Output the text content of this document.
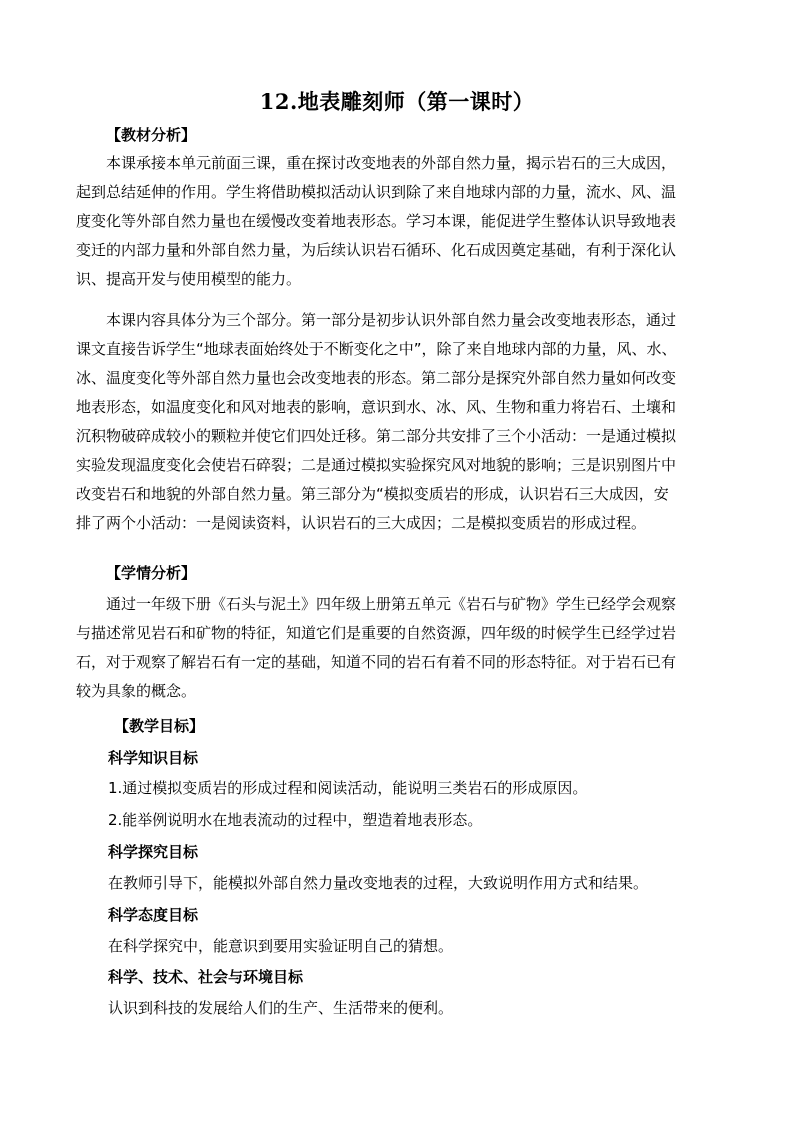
12.地表雕刻师（第一课时）
【教材分析】
本课承接本单元前面三课，重在探讨改变地表的外部自然力量，揭示岩石的三大成因，
起到总结延伸的作用。学生将借助模拟活动认识到除了来自地球内部的力量，流水、风、温
度变化等外部自然力量也在缓慢改变着地表形态。学习本课，能促进学生整体认识导致地表
变迁的内部力量和外部自然力量，为后续认识岩石循环、化石成因奠定基础，有利于深化认
识、提高开发与使用模型的能力。
本课内容具体分为三个部分。第一部分是初步认识外部自然力量会改变地表形态，通过
课文直接告诉学生“地球表面始终处于不断变化之中”，除了来自地球内部的力量，风、水、
冰、温度变化等外部自然力量也会改变地表的形态。第二部分是探究外部自然力量如何改变
地表形态，如温度变化和风对地表的影响，意识到水、冰、风、生物和重力将岩石、土壤和
沉积物破碎成较小的颗粒并使它们四处迁移。第二部分共安排了三个小活动：一是通过模拟
实验发现温度变化会使岩石碎裂；二是通过模拟实验探究风对地貌的影响；三是识别图片中
改变岩石和地貌的外部自然力量。第三部分为“模拟变质岩的形成，认识岩石三大成因，安
排了两个小活动：一是阅读资料，认识岩石的三大成因；二是模拟变质岩的形成过程。
【学情分析】
通过一年级下册《石头与泥土》四年级上册第五单元《岩石与矿物》学生已经学会观察
与描述常见岩石和矿物的特征，知道它们是重要的自然资源，四年级的时候学生已经学过岩
石，对于观察了解岩石有一定的基础，知道不同的岩石有着不同的形态特征。对于岩石已有
较为具象的概念。
【教学目标】
科学知识目标
1.通过模拟变质岩的形成过程和阅读活动，能说明三类岩石的形成原因。
2.能举例说明水在地表流动的过程中，塑造着地表形态。
科学探究目标
在教师引导下，能模拟外部自然力量改变地表的过程，大致说明作用方式和结果。
科学态度目标
在科学探究中，能意识到要用实验证明自己的猜想。
科学、技术、社会与环境目标
认识到科技的发展给人们的生产、生活带来的便利。
